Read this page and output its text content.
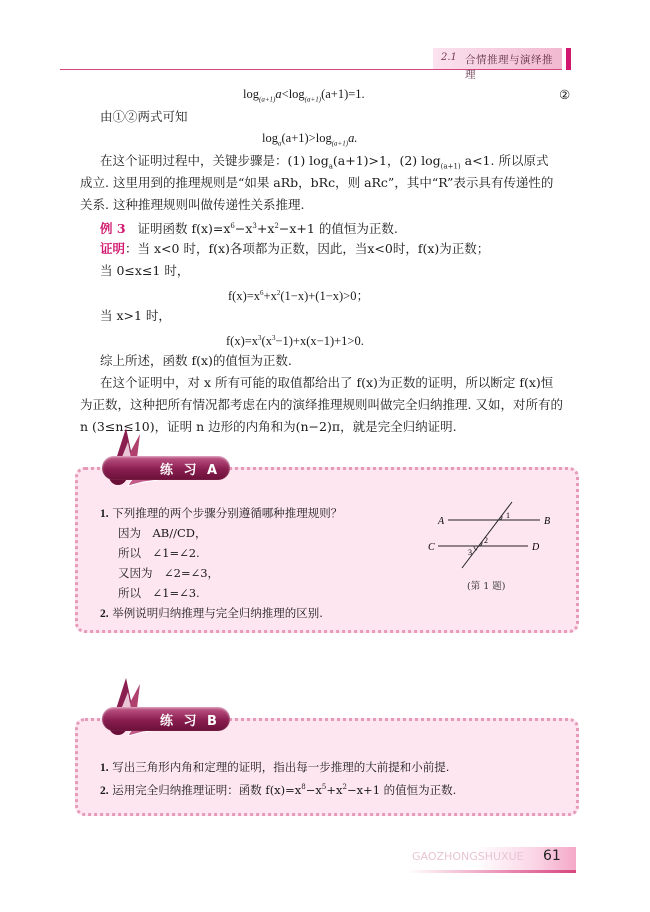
2.1 合情推理与演绎推理
$\log_{(a+1)}a<\log_{(a+1)}(a+1)=1$.	②
由①②两式可知
$\log_a(a+1)>\log_{(a+1)}a$.
在这个证明过程中，关键步骤是：(1) $\log_a(a+1)>1$，(2) $\log_{(a+1)} a<1$. 所以原式
成立. 这里用到的推理规则是“如果 aRb，bRc，则 aRc”，其中“R”表示具有传递性的
关系. 这种推理规则叫做传递性关系推理.
例 3 证明函数 $f(x)=x^6-x^3+x^2-x+1$ 的值恒为正数.
证明：当 x<0 时，f(x)各项都为正数，因此，当x<0时，f(x)为正数；
当 0≤x≤1 时，
$f(x)=x^6+x^2(1-x)+(1-x)>0$；
当 x>1 时，
$f(x)=x^3(x^3-1)+x(x-1)+1>0$.
综上所述，函数 f(x)的值恒为正数.
在这个证明中，对 x 所有可能的取值都给出了 f(x)为正数的证明，所以断定 f(x)恒
为正数，这种把所有情况都考虑在内的演绎推理规则叫做完全归纳推理. 又如，对所有的
n (3≤n≤10)，证明 n 边形的内角和为(n−2)π，就是完全归纳证明.
练 习 A
1. 下列推理的两个步骤分别遵循哪种推理规则？
因为　AB//CD，
所以　∠1=∠2.
又因为　∠2=∠3，
所以　∠1=∠3.
2. 举例说明归纳推理与完全归纳推理的区别.
A	B
C	D
1
2
3
(第 1 题)
练 习 B
1. 写出三角形内角和定理的证明，指出每一步推理的大前提和小前提.
2. 运用完全归纳推理证明：函数 $f(x)=x^8-x^5+x^2-x+1$ 的值恒为正数.
GAOZHONGSHUXUE 61
